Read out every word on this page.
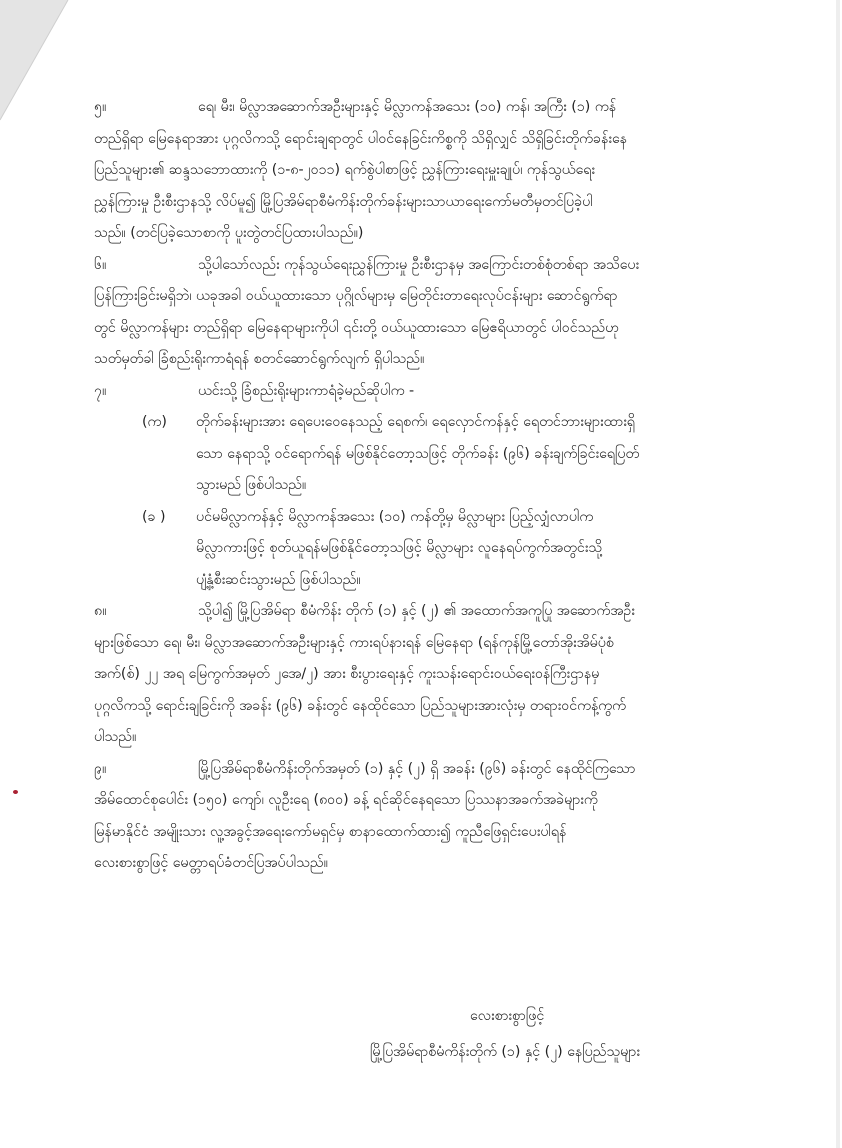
၅။	ရေ၊ မီး၊ မိလ္လာအဆောက်အဦးများနှင့် မိလ္လာကန်အသေး (၁၀) ကန်၊ အကြီး (၁) ကန်

တည်ရှိရာ မြေနေရာအား ပုဂ္ဂလိကသို့ ရောင်းချရာတွင် ပါဝင်နေခြင်းကိစ္စကို သိရှိလျှင် သိရှိခြင်းတိုက်ခန်းနေ

ပြည်သူများ၏ ဆန္ဒသဘောထားကို (၁-၈-၂၀၁၁) ရက်စွဲပါစာဖြင့် ညွှန်ကြားရေးမှူးချုပ်၊ ကုန်သွယ်ရေး

ညွှန်ကြားမှု ဦးစီးဌာနသို့ လိပ်မူ၍ မြို့ပြအိမ်ရာစီမံကိန်းတိုက်ခန်းများသာယာရေးကော်မတီမှတင်ပြခဲ့ပါ

သည်။ (တင်ပြခဲ့သောစာကို ပူးတွဲတင်ပြထားပါသည်။)

၆။	သို့ပါသော်လည်း ကုန်သွယ်ရေးညွှန်ကြားမှု ဦးစီးဌာနမှ အကြောင်းတစ်စုံတစ်ရာ အသိပေး

ပြန်ကြားခြင်းမရှိဘဲ၊ ယခုအခါ ဝယ်ယူထားသော ပုဂ္ဂိုလ်များမှ မြေတိုင်းတာရေးလုပ်ငန်းများ ဆောင်ရွက်ရာ

တွင် မိလ္လာကန်များ တည်ရှိရာ မြေနေရာများကိုပါ ၎င်းတို့ ဝယ်ယူထားသော မြေဧရိယာတွင် ပါဝင်သည်ဟု

သတ်မှတ်ခါ ခြံစည်းရိုးကာရံရန် စတင်ဆောင်ရွက်လျက် ရှိပါသည်။

၇။	ယင်းသို့ ခြံစည်းရိုးများကာရံခဲ့မည်ဆိုပါက -

(က)	တိုက်ခန်းများအား ရေပေးဝေနေသည့် ရေစက်၊ ရေလှောင်ကန်နှင့် ရေတင်ဘားများထားရှိ
သော နေရာသို့ ဝင်ရောက်ရန် မဖြစ်နိုင်တော့သဖြင့် တိုက်ခန်း (၉၆) ခန်းချက်ခြင်းရေပြတ်
သွားမည် ဖြစ်ပါသည်။
(ခ )	ပင်မမိလ္လာကန်နှင့် မိလ္လာကန်အသေး (၁၀) ကန်တို့မှ မိလ္လာများ ပြည့်လျှံလာပါက
မိလ္လာကားဖြင့် စုတ်ယူရန်မဖြစ်နိုင်တော့သဖြင့် မိလ္လာများ လူနေရပ်ကွက်အတွင်းသို့
ပျံ့နှံ့စီးဆင်းသွားမည် ဖြစ်ပါသည်။

၈။	သို့ပါ၍ မြို့ပြအိမ်ရာ စီမံကိန်း တိုက် (၁) နှင့် (၂) ၏ အထောက်အကူပြု အဆောက်အဦး

များဖြစ်သော ရေ၊ မီး၊ မိလ္လာအဆောက်အဦးများနှင့် ကားရပ်နားရန် မြေနေရာ (ရန်ကုန်မြို့တော်အိုးအိမ်ပုံစံ

အက်(စ်) ၂၂ အရ မြေကွက်အမှတ် ၂အေ/၂) အား စီးပွားရေးနှင့် ကူးသန်းရောင်းဝယ်ရေးဝန်ကြီးဌာနမှ

ပုဂ္ဂလိကသို့ ရောင်းချခြင်းကို အခန်း (၉၆) ခန်းတွင် နေထိုင်သော ပြည်သူများအားလုံးမှ တရားဝင်ကန့်ကွက်

ပါသည်။

၉။	မြို့ပြအိမ်ရာစီမံကိန်းတိုက်အမှတ် (၁) နှင့် (၂) ရှိ အခန်း (၉၆) ခန်းတွင် နေထိုင်ကြသော

အိမ်ထောင်စုပေါင်း (၁၅၀) ကျော်၊ လူဦးရေ (၈၀၀) ခန့် ရင်ဆိုင်နေရသော ပြဿနာအခက်အခဲများကို

မြန်မာနိုင်ငံ အမျိုးသား လူ့အခွင့်အရေးကော်မရှင်မှ စာနာထောက်ထား၍ ကူညီဖြေရှင်းပေးပါရန်

လေးစားစွာဖြင့် မေတ္တာရပ်ခံတင်ပြအပ်ပါသည်။

လေးစားစွာဖြင့်
မြို့ပြအိမ်ရာစီမံကိန်းတိုက် (၁) နှင့် (၂) နေပြည်သူများ
